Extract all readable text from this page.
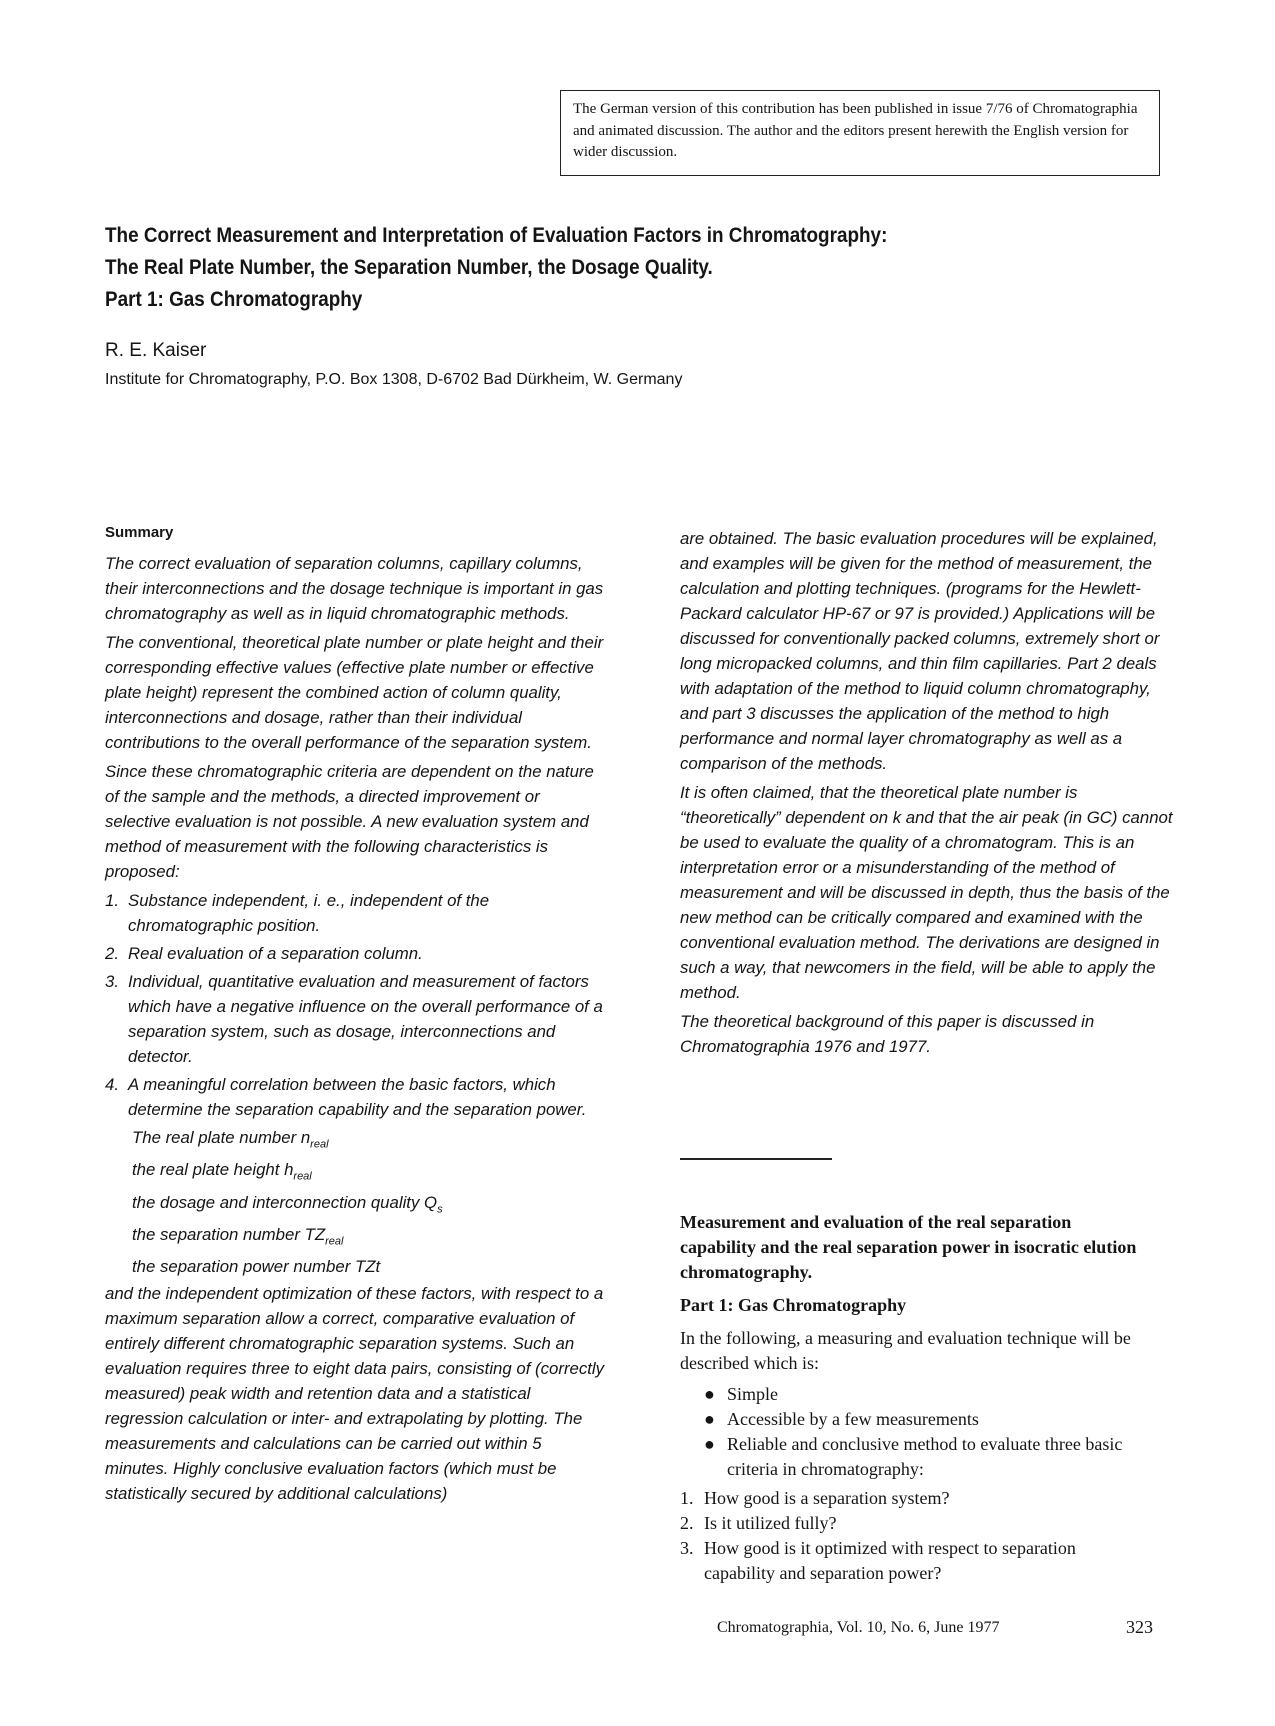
The German version of this contribution has been published in issue 7/76 of Chromatographia and animated discussion. The author and the editors present herewith the English version for wider discussion.
The Correct Measurement and Interpretation of Evaluation Factors in Chromatography:
The Real Plate Number, the Separation Number, the Dosage Quality.
Part 1: Gas Chromatography
R. E. Kaiser
Institute for Chromatography, P.O. Box 1308, D-6702 Bad Dürkheim, W. Germany

Summary

The correct evaluation of separation columns, capillary columns, their interconnections and the dosage technique is important in gas chromatography as well as in liquid chromatographic methods.

The conventional, theoretical plate number or plate height and their corresponding effective values (effective plate number or effective plate height) represent the combined action of column quality, interconnections and dosage, rather than their individual contributions to the overall performance of the separation system.

Since these chromatographic criteria are dependent on the nature of the sample and the methods, a directed improvement or selective evaluation is not possible. A new evaluation system and method of measurement with the following characteristics is proposed:

1. Substance independent, i. e., independent of the chromatographic position.
2. Real evaluation of a separation column.
3. Individual, quantitative evaluation and measurement of factors which have a negative influence on the overall performance of a separation system, such as dosage, interconnections and detector.
4. A meaningful correlation between the basic factors, which determine the separation capability and the separation power.
The real plate number $n_{real}$
the real plate height $h_{real}$
the dosage and interconnection quality $Q_s$
the separation number $TZ_{real}$
the separation power number TZt

and the independent optimization of these factors, with respect to a maximum separation allow a correct, comparative evaluation of entirely different chromatographic separation systems. Such an evaluation requires three to eight data pairs, consisting of (correctly measured) peak width and retention data and a statistical regression calculation or inter- and extrapolating by plotting. The measurements and calculations can be carried out within 5 minutes. Highly conclusive evaluation factors (which must be statistically secured by additional calculations)

are obtained. The basic evaluation procedures will be explained, and examples will be given for the method of measurement, the calculation and plotting techniques. (programs for the Hewlett-Packard calculator HP-67 or 97 is provided.) Applications will be discussed for conventionally packed columns, extremely short or long micropacked columns, and thin film capillaries. Part 2 deals with adaptation of the method to liquid column chromatography, and part 3 discusses the application of the method to high performance and normal layer chromatography as well as a comparison of the methods.

It is often claimed, that the theoretical plate number is “theoretically” dependent on k and that the air peak (in GC) cannot be used to evaluate the quality of a chromatogram. This is an interpretation error or a misunderstanding of the method of measurement and will be discussed in depth, thus the basis of the new method can be critically compared and examined with the conventional evaluation method. The derivations are designed in such a way, that newcomers in the field, will be able to apply the method.

The theoretical background of this paper is discussed in Chromatographia 1976 and 1977.

Measurement and evaluation of the real separation capability and the real separation power in isocratic elution chromatography.

Part 1: Gas Chromatography

In the following, a measuring and evaluation technique will be described which is:

● Simple
● Accessible by a few measurements
● Reliable and conclusive method to evaluate three basic criteria in chromatography:
1. How good is a separation system?
2. Is it utilized fully?
3. How good is it optimized with respect to separation capability and separation power?
Chromatographia, Vol. 10, No. 6, June 1977	323
